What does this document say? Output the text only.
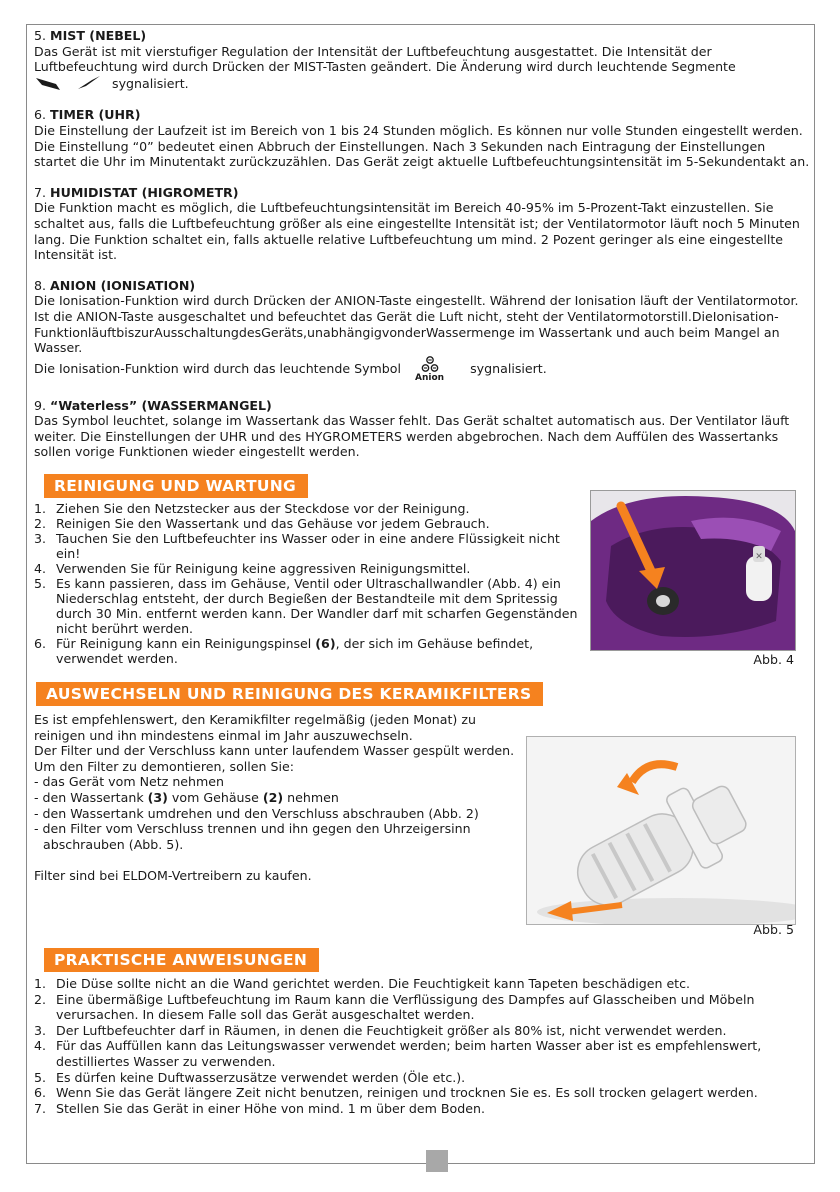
5. MIST (NEBEL)

Das Gerät ist mit vierstufiger Regulation der Intensität der Luftbefeuchtung ausgestattet. Die Intensität der Luftbefeuchtung wird durch Drücken der MIST-Tasten geändert. Die Änderung wird durch leuchtende Segmente
sygnalisiert.

6. TIMER (UHR)

Die Einstellung der Laufzeit ist im Bereich von 1 bis 24 Stunden möglich. Es können nur volle Stunden eingestellt werden. Die Einstellung “0” bedeutet einen Abbruch der Einstellungen. Nach 3 Sekunden nach Eintragung der Einstellungen startet die Uhr im Minutentakt zurückzuzählen. Das Gerät zeigt aktuelle Luftbefeuchtungsintensität im 5-Sekundentakt an.

7. HUMIDISTAT (HIGROMETR)

Die Funktion macht es möglich, die Luftbefeuchtungsintensität im Bereich 40-95% im 5-Prozent-Takt einzustellen. Sie schaltet aus, falls die Luftbefeuchtung größer als eine eingestellte Intensität ist; der Ventilatormotor läuft noch 5 Minuten lang. Die Funktion schaltet ein, falls aktuelle relative Luftbefeuchtung um mind. 2 Pozent geringer als eine eingestellte Intensität ist.

8. ANION (IONISATION)

Die Ionisation-Funktion wird durch Drücken der ANION-Taste eingestellt. Während der Ionisation läuft der Ventilatormotor. Ist die ANION-Taste ausgeschaltet und befeuchtet das Gerät die Luft nicht, steht der Ventilatormotorstill.DieIonisation-FunktionläuftbiszurAusschaltungdesGeräts,unabhängigvonderWassermenge im Wassertank und auch beim Mangel an Wasser.

Die Ionisation-Funktion wird durch das leuchtende Symbol
Anion
sygnalisiert.

9. “Waterless” (WASSERMANGEL)

Das Symbol leuchtet, solange im Wassertank das Wasser fehlt. Das Gerät schaltet automatisch aus. Der Ventilator läuft weiter. Die Einstellungen der UHR und des HYGROMETERS werden abgebrochen. Nach dem Auffülen des Wassertanks sollen vorige Funktionen wieder eingestellt werden.

REINIGUNG UND WARTUNG
1. Ziehen Sie den Netzstecker aus der Steckdose vor der Reinigung.
2. Reinigen Sie den Wassertank und das Gehäuse vor jedem Gebrauch.
3. Tauchen Sie den Luftbefeuchter ins Wasser oder in eine andere Flüssigkeit nicht ein!
4. Verwenden Sie für Reinigung keine aggressiven Reinigungsmittel.
5. Es kann passieren, dass im Gehäuse, Ventil oder Ultraschallwandler (Abb. 4) ein Niederschlag entsteht, der durch Begießen der Bestandteile mit dem Spritessig durch 30 Min. entfernt werden kann. Der Wandler darf mit scharfen Gegenständen nicht berührt werden.
6. Für Reinigung kann ein Reinigungspinsel (6), der sich im Gehäuse befindet, verwendet werden.
✕
Abb. 4
AUSWECHSELN UND REINIGUNG DES KERAMIKFILTERS
Es ist empfehlenswert, den Keramikfilter regelmäßig (jeden Monat) zu reinigen und ihn mindestens einmal im Jahr auszuwechseln.
Der Filter und der Verschluss kann unter laufendem Wasser gespült werden.
Um den Filter zu demontieren, sollen Sie:
- das Gerät vom Netz nehmen
- den Wassertank (3) vom Gehäuse (2) nehmen
- den Wassertank umdrehen und den Verschluss abschrauben (Abb. 2)
- den Filter vom Verschluss trennen und ihn gegen den Uhrzeigersinn abschrauben (Abb. 5).
Filter sind bei ELDOM-Vertreibern zu kaufen.
Abb. 5
PRAKTISCHE ANWEISUNGEN
1. Die Düse sollte nicht an die Wand gerichtet werden. Die Feuchtigkeit kann Tapeten beschädigen etc.
2. Eine übermäßige Luftbefeuchtung im Raum kann die Verflüssigung des Dampfes auf Glasscheiben und Möbeln verursachen. In diesem Falle soll das Gerät ausgeschaltet werden.
3. Der Luftbefeuchter darf in Räumen, in denen die Feuchtigkeit größer als 80% ist, nicht verwendet werden.
4. Für das Auffüllen kann das Leitungswasser verwendet werden; beim harten Wasser aber ist es empfehlenswert, destilliertes Wasser zu verwenden.
5. Es dürfen keine Duftwasserzusätze verwendet werden (Öle etc.).
6. Wenn Sie das Gerät längere Zeit nicht benutzen, reinigen und trocknen Sie es. Es soll trocken gelagert werden.
7. Stellen Sie das Gerät in einer Höhe von mind. 1 m über dem Boden.
